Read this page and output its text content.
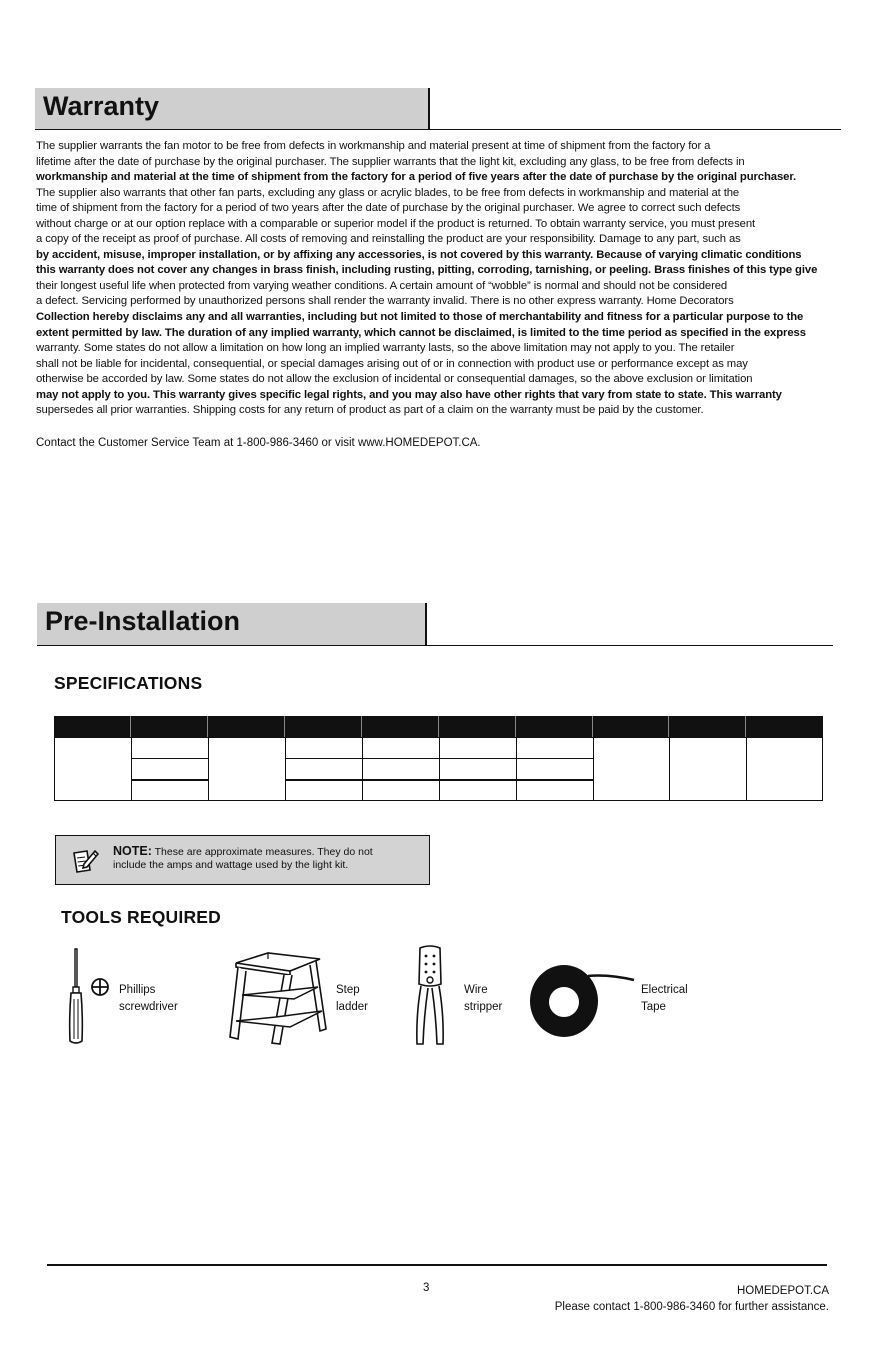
Warranty
The supplier warrants the fan motor to be free from defects in workmanship and material present at time of shipment from the factory for a
lifetime after the date of purchase by the original purchaser. The supplier warrants that the light kit, excluding any glass, to be free from defects in
workmanship and material at the time of shipment from the factory for a period of five years after the date of purchase by the original purchaser.
The supplier also warrants that other fan parts, excluding any glass or acrylic blades, to be free from defects in workmanship and material at the
time of shipment from the factory for a period of two years after the date of purchase by the original purchaser. We agree to correct such defects
without charge or at our option replace with a comparable or superior model if the product is returned. To obtain warranty service, you must present
a copy of the receipt as proof of purchase. All costs of removing and reinstalling the product are your responsibility. Damage to any part, such as
by accident, misuse, improper installation, or by affixing any accessories, is not covered by this warranty. Because of varying climatic conditions
this warranty does not cover any changes in brass finish, including rusting, pitting, corroding, tarnishing, or peeling. Brass finishes of this type give
their longest useful life when protected from varying weather conditions. A certain amount of “wobble” is normal and should not be considered
a defect. Servicing performed by unauthorized persons shall render the warranty invalid. There is no other express warranty. Home Decorators
Collection hereby disclaims any and all warranties, including but not limited to those of merchantability and fitness for a particular purpose to the
extent permitted by law. The duration of any implied warranty, which cannot be disclaimed, is limited to the time period as specified in the express
warranty. Some states do not allow a limitation on how long an implied warranty lasts, so the above limitation may not apply to you. The retailer
shall not be liable for incidental, consequential, or special damages arising out of or in connection with product use or performance except as may
otherwise be accorded by law. Some states do not allow the exclusion of incidental or consequential damages, so the above exclusion or limitation
may not apply to you. This warranty gives specific legal rights, and you may also have other rights that vary from state to state. This warranty
supersedes all prior warranties. Shipping costs for any return of product as part of a claim on the warranty must be paid by the customer.
Contact the Customer Service Team at 1-800-986-3460 or visit www.HOMEDEPOT.CA.
Pre-Installation
SPECIFICATIONS
NOTE: These are approximate measures. They do not
include the amps and wattage used by the light kit.
TOOLS REQUIRED
Phillips
screwdriver
Step
ladder
Wire
stripper
Electrical
Tape
3	HOMEDEPOT.CA
Please contact 1-800-986-3460 for further assistance.
